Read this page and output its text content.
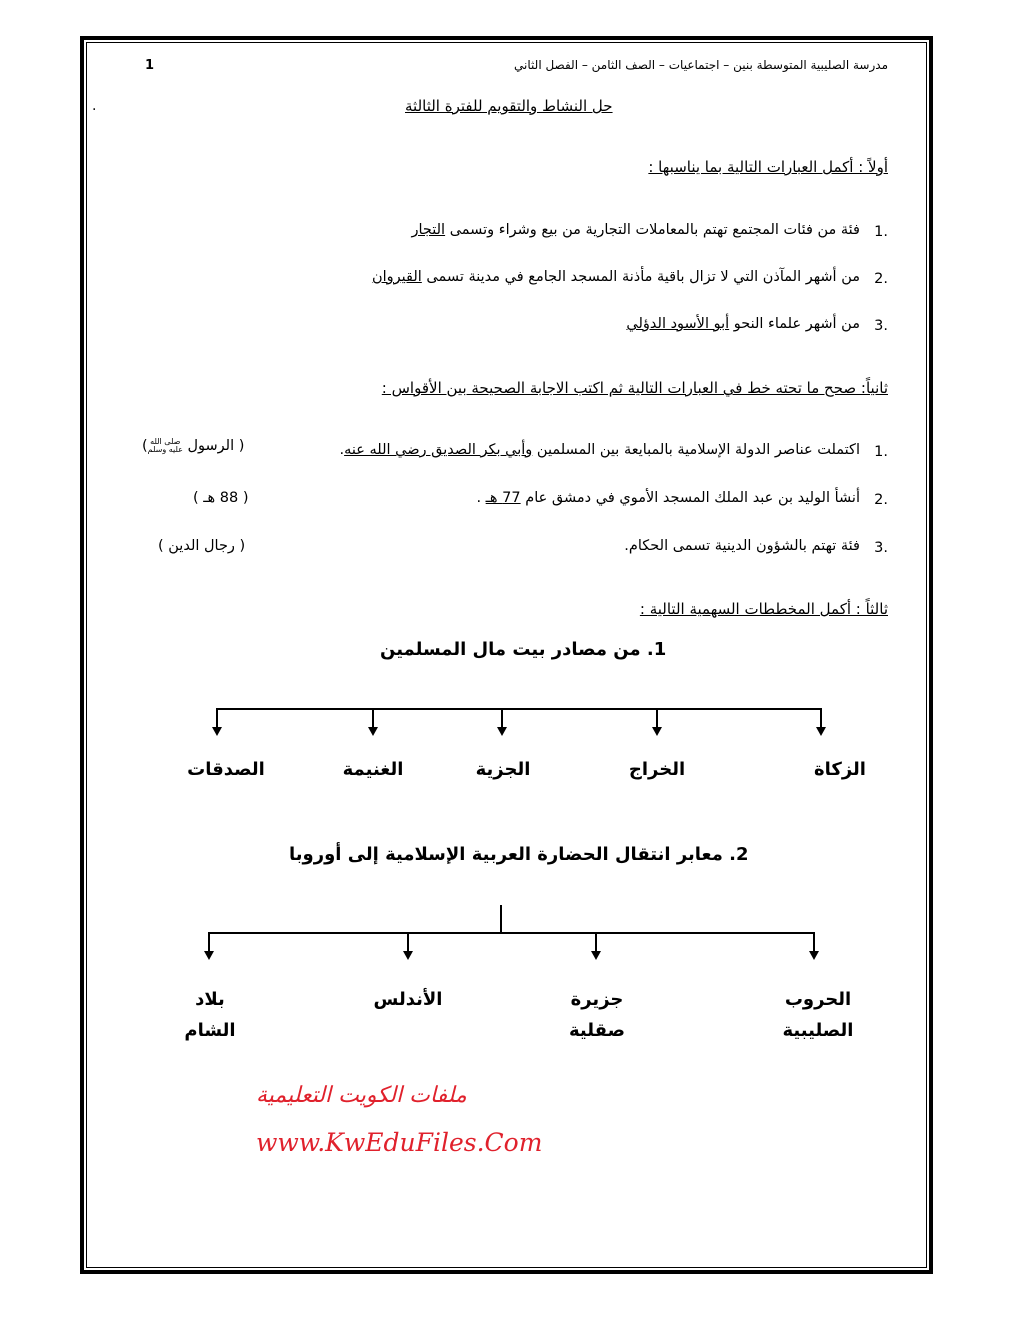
مدرسة الصليبية المتوسطة بنين – اجتماعيات – الصف الثامن – الفصل الثاني
1
.	حل النشاط والتقويم للفترة الثالثة
أولاً : أكمل العبارات التالية بما يناسبها :
1.
فئة من فئات المجتمع تهتم بالمعاملات التجارية من بيع وشراء وتسمى التجار
2.
من أشهر المآذن التي لا تزال باقية مأذنة المسجد الجامع في مدينة تسمى القيروان
3.
من أشهر علماء النحو أبو الأسود الدؤلي
ثانياً: صحح ما تحته خط في العبارات التالية ثم اكتب الاجابة الصحيحة بين الأقواس :
1.
اكتملت عناصر الدولة الإسلامية بالمبايعة بين المسلمين وأبي بكر الصديق رضي الله عنه.
( الرسول صلى الله
عليه وسلم)
2.
أنشأ الوليد بن عبد الملك المسجد الأموي في دمشق عام 77 هـ .
( 88 هـ )
3.
فئة تهتم بالشؤون الدينية تسمى الحكام.
( رجال الدين )
ثالثاً : أكمل المخططات السهمية التالية :
1. من مصادر بيت مال المسلمين
الزكاة
الخراج
الجزية
الغنيمة
الصدقات
2. معابر انتقال الحضارة العربية الإسلامية إلى أوروبا
الحروب
الصليبية
جزيرة
صقلية
الأندلس
بلاد
الشام
ملفات الكويت التعليمية
www.KwEduFiles.Com
